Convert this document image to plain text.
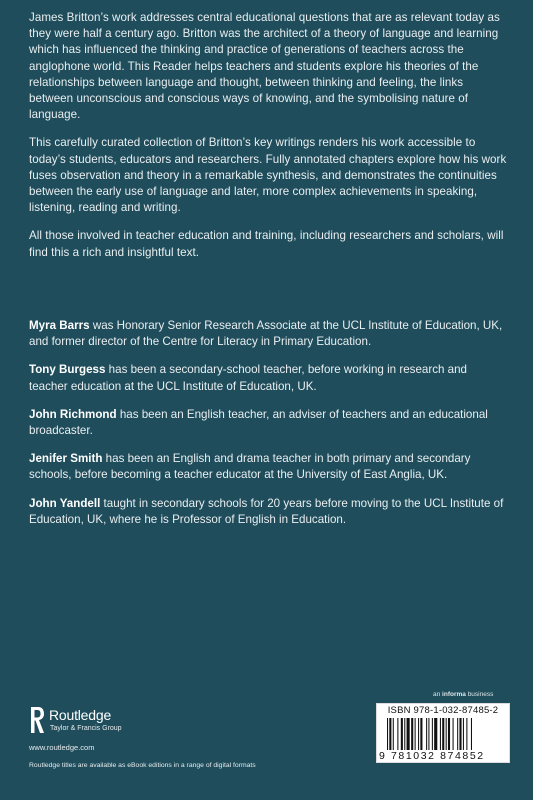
James Britton’s work addresses central educational questions that are as relevant today as they were half a century ago. Britton was the architect of a theory of language and learning which has influenced the thinking and practice of generations of teachers across the anglophone world. This Reader helps teachers and students explore his theories of the relationships between language and thought, between thinking and feeling, the links between unconscious and conscious ways of knowing, and the symbolising nature of language.

This carefully curated collection of Britton’s key writings renders his work accessible to today’s students, educators and researchers. Fully annotated chapters explore how his work fuses observation and theory in a remarkable synthesis, and demonstrates the continuities between the early use of language and later, more complex achievements in speaking, listening, reading and writing.

All those involved in teacher education and training, including researchers and scholars, will find this a rich and insightful text.

Myra Barrs was Honorary Senior Research Associate at the UCL Institute of Education, UK, and former director of the Centre for Literacy in Primary Education.

Tony Burgess has been a secondary-school teacher, before working in research and teacher education at the UCL Institute of Education, UK.

John Richmond has been an English teacher, an adviser of teachers and an educational broadcaster.

Jenifer Smith has been an English and drama teacher in both primary and secondary schools, before becoming a teacher educator at the University of East Anglia, UK.

John Yandell taught in secondary schools for 20 years before moving to the UCL Institute of Education, UK, where he is Professor of English in Education.

an informa business
ISBN 978-1-032-87485-2
9 781032 874852
Routledge
Taylor & Francis Group
www.routledge.com
Routledge titles are available as eBook editions in a range of digital formats
